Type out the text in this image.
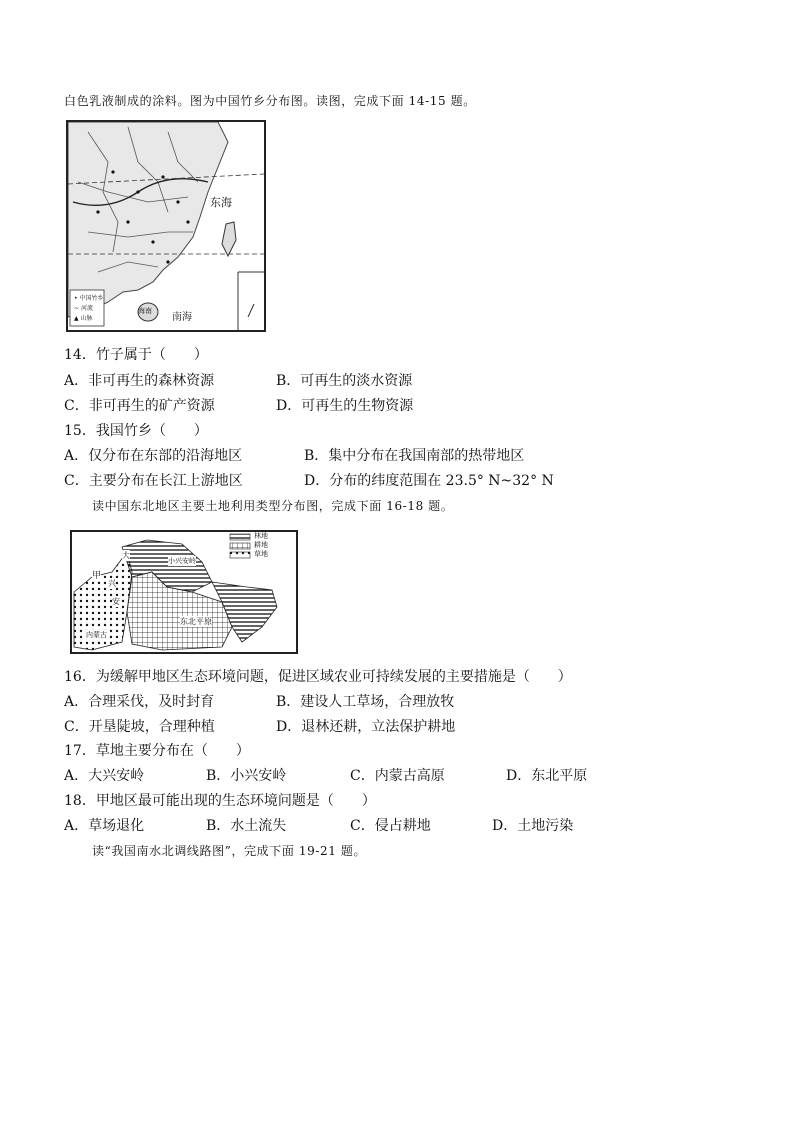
白色乳液制成的涂料。图为中国竹乡分布图。读图，完成下面 14-15 题。
东海
南海
海南
• 中国竹乡
~ 河流
▲ 山脉
14．竹子属于（　　）
A．非可再生的森林资源	B．可再生的淡水资源
C．非可再生的矿产资源	D．可再生的生物资源
15．我国竹乡（　　）
A．仅分布在东部的沿海地区	B．集中分布在我国南部的热带地区
C．主要分布在长江上游地区	D．分布的纬度范围在 23.5° N~32° N
读中国东北地区主要土地利用类型分布图，完成下面 16-18 题。
林地
耕地
草地
大
兴
安
小兴安岭
甲
东北平原
内蒙古
16．为缓解甲地区生态环境问题，促进区域农业可持续发展的主要措施是（　　）
A．合理采伐，及时封育	B．建设人工草场，合理放牧
C．开垦陡坡，合理种植	D．退林还耕，立法保护耕地
17．草地主要分布在（　　）
A．大兴安岭	B．小兴安岭	C．内蒙古高原	D．东北平原
18．甲地区最可能出现的生态环境问题是（　　）
A．草场退化	B．水土流失	C．侵占耕地	D．土地污染
读“我国南水北调线路图”，完成下面 19-21 题。
